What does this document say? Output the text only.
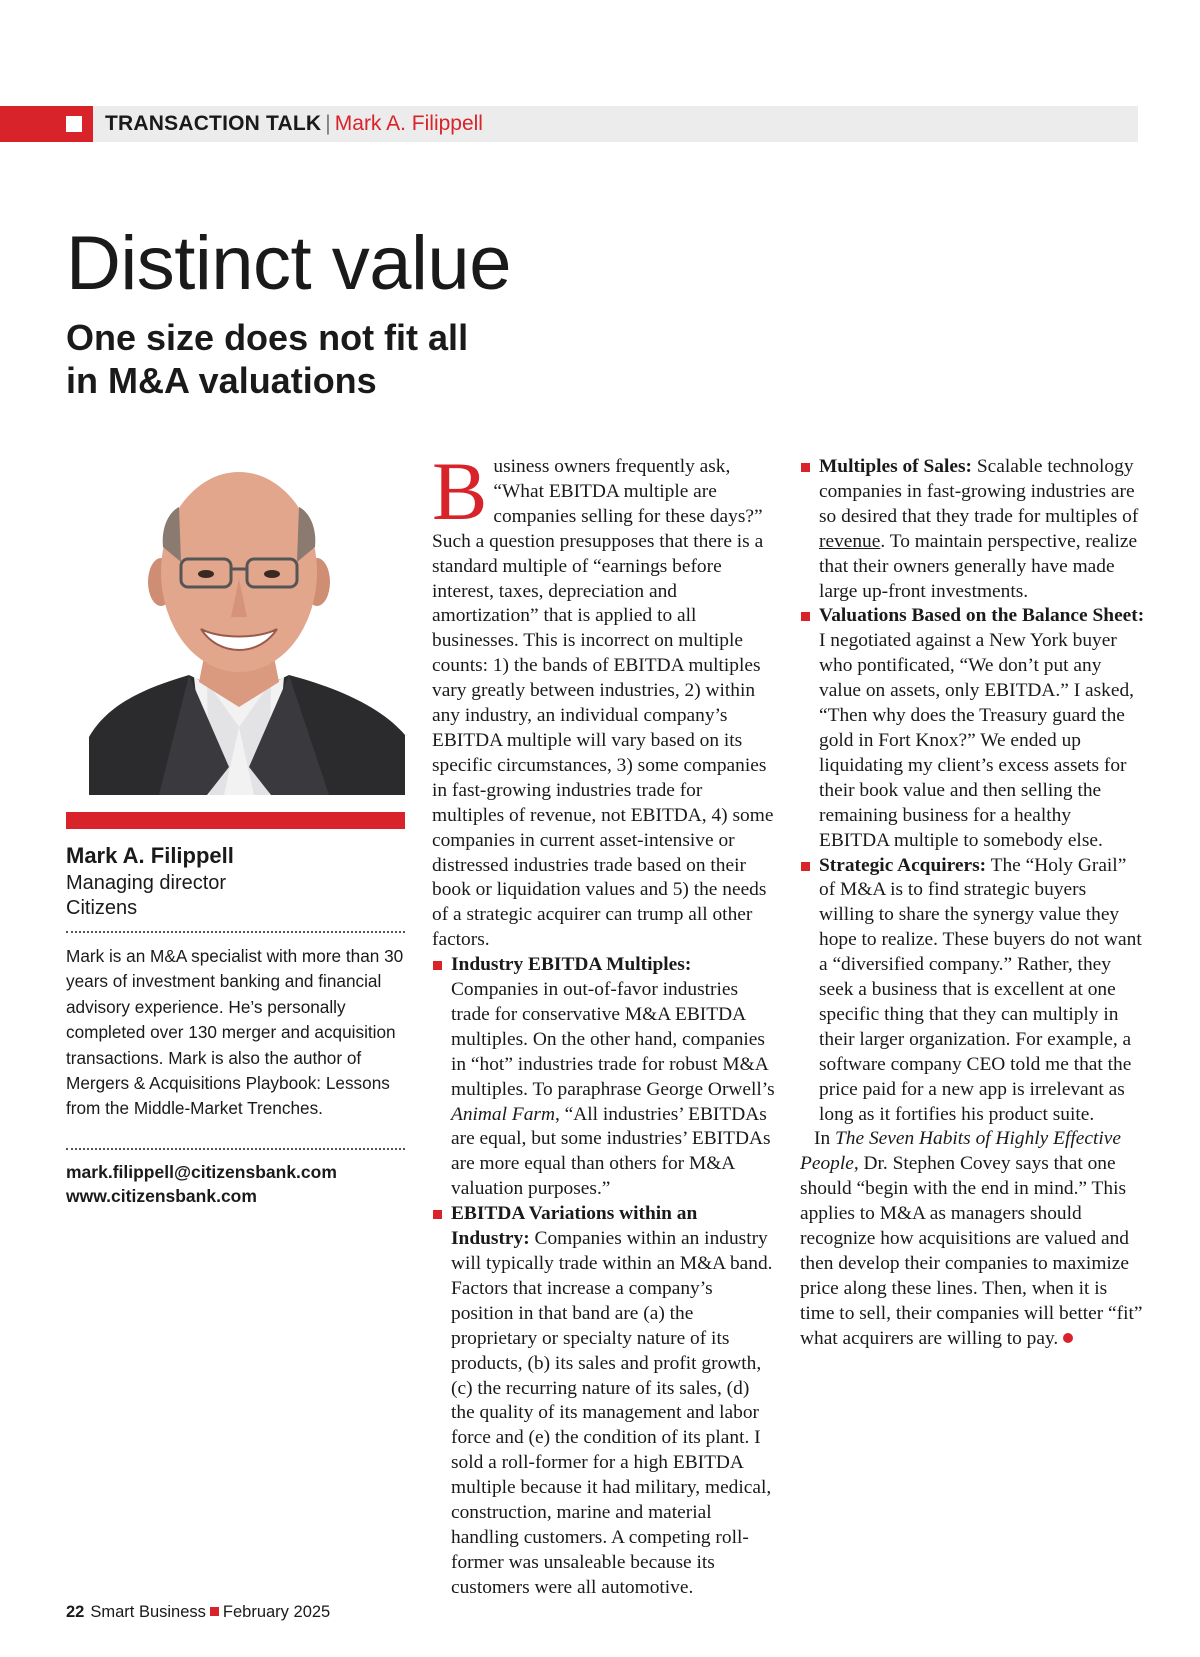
TRANSACTION TALK | Mark A. Filippell
Distinct value
One size does not fit all
in M&A valuations
Mark A. Filippell
Managing director
Citizens

Mark is an M&A specialist with more than 30 years of investment banking and financial advisory experience. He’s personally completed over 130 merger and acquisition transactions. Mark is also the author of Mergers & Acquisitions Playbook: Lessons from the Middle-Market Trenches.

mark.filippell@citizensbank.com
www.citizensbank.com

Business owners frequently ask, “What EBITDA multiple are companies selling for these days?” Such a question presupposes that there is a standard multiple of “earnings before interest, taxes, depreciation and amortization” that is applied to all businesses. This is incorrect on multiple counts: 1) the bands of EBITDA multiples vary greatly between industries, 2) within any industry, an individual company’s EBITDA multiple will vary based on its specific circumstances, 3) some companies in fast-growing industries trade for multiples of revenue, not EBITDA, 4) some companies in current asset-intensive or distressed industries trade based on their book or liquidation values and 5) the needs of a strategic acquirer can trump all other factors.

Industry EBITDA Multiples: Companies in out-of-favor industries trade for conservative M&A EBITDA multiples. On the other hand, companies in “hot” industries trade for robust M&A multiples. To paraphrase George Orwell’s Animal Farm, “All industries’ EBITDAs are equal, but some industries’ EBITDAs are more equal than others for M&A valuation purposes.”

EBITDA Variations within an Industry: Companies within an industry will typically trade within an M&A band. Factors that increase a company’s position in that band are (a) the proprietary or specialty nature of its products, (b) its sales and profit growth, (c) the recurring nature of its sales, (d) the quality of its management and labor force and (e) the condition of its plant. I sold a roll-former for a high EBITDA multiple because it had military, medical, construction, marine and material handling customers. A competing roll-former was unsaleable because its customers were all automotive.

Multiples of Sales: Scalable technology companies in fast-growing industries are so desired that they trade for multiples of revenue. To maintain perspective, realize that their owners generally have made large up-front investments.

Valuations Based on the Balance Sheet: I negotiated against a New York buyer who pontificated, “We don’t put any value on assets, only EBITDA.” I asked, “Then why does the Treasury guard the gold in Fort Knox?” We ended up liquidating my client’s excess assets for their book value and then selling the remaining business for a healthy EBITDA multiple to somebody else.

Strategic Acquirers: The “Holy Grail” of M&A is to find strategic buyers willing to share the synergy value they hope to realize. These buyers do not want a “diversified company.” Rather, they seek a business that is excellent at one specific thing that they can multiply in their larger organization. For example, a software company CEO told me that the price paid for a new app is irrelevant as long as it fortifies his product suite.

In The Seven Habits of Highly Effective People, Dr. Stephen Covey says that one should “begin with the end in mind.” This applies to M&A as managers should recognize how acquisitions are valued and then develop their companies to maximize price along these lines. Then, when it is time to sell, their companies will better “fit” what acquirers are willing to pay.

22 Smart Business February 2025
